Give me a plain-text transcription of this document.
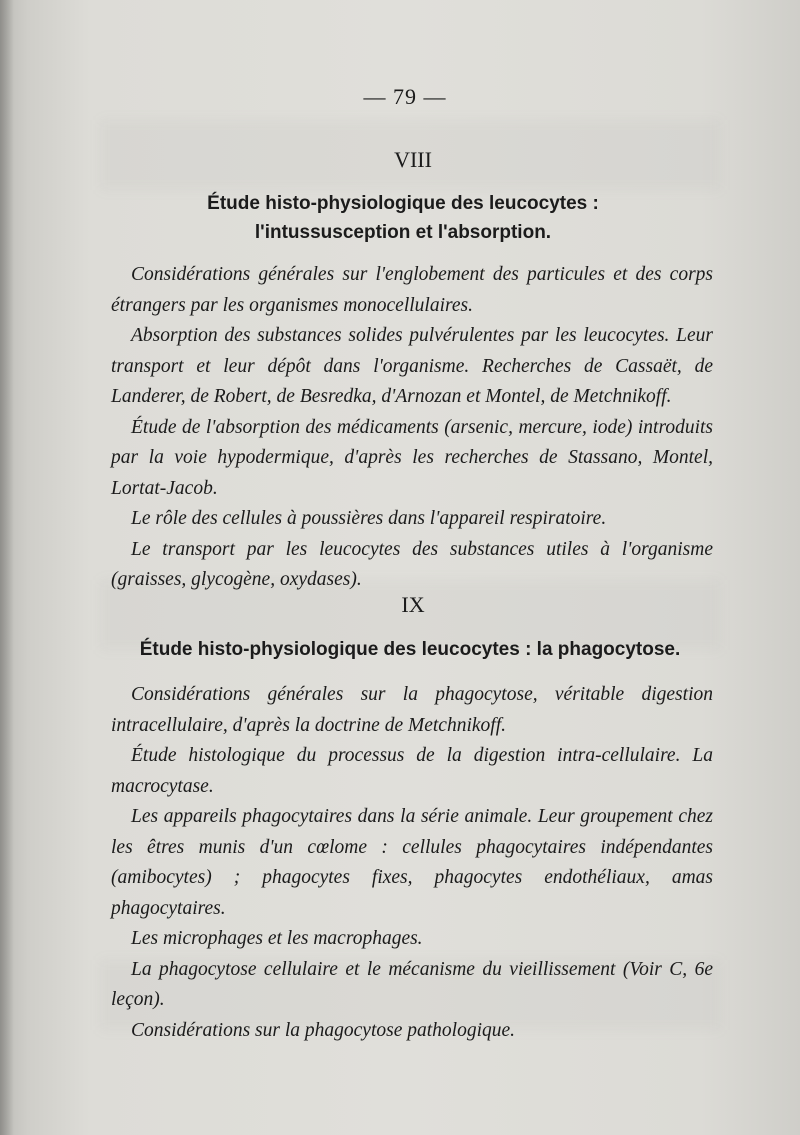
— 79 —
VIII
Étude histo-physiologique des leucocytes :
l'intussusception et l'absorption.

Considérations générales sur l'englobement des particules et des corps étrangers par les organismes monocellulaires.

Absorption des substances solides pulvérulentes par les leucocytes. Leur transport et leur dépôt dans l'organisme. Recherches de Cassaët, de Landerer, de Robert, de Besredka, d'Arnozan et Montel, de Metchnikoff.

Étude de l'absorption des médicaments (arsenic, mercure, iode) introduits par la voie hypodermique, d'après les recherches de Stassano, Montel, Lortat-Jacob.

Le rôle des cellules à poussières dans l'appareil respiratoire.

Le transport par les leucocytes des substances utiles à l'organisme (graisses, glycogène, oxydases).

IX
Étude histo-physiologique des leucocytes : la phagocytose.

Considérations générales sur la phagocytose, véritable digestion intracellulaire, d'après la doctrine de Metchnikoff.

Étude histologique du processus de la digestion intra-cellulaire. La macrocytase.

Les appareils phagocytaires dans la série animale. Leur groupement chez les êtres munis d'un cœlome : cellules phagocytaires indépendantes (amibocytes) ; phagocytes fixes, phagocytes endothéliaux, amas phagocytaires.

Les microphages et les macrophages.

La phagocytose cellulaire et le mécanisme du vieillissement (Voir C, 6e leçon).

Considérations sur la phagocytose pathologique.
